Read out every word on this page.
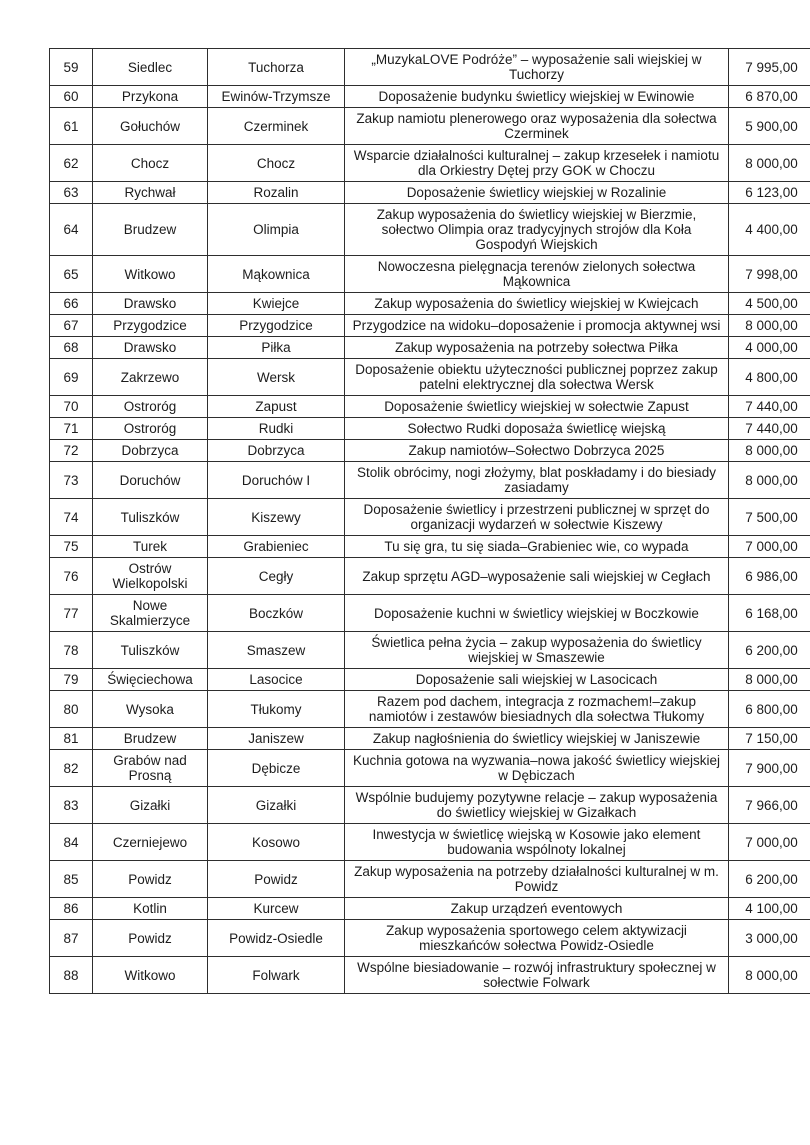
59	Siedlec	Tuchorza	„MuzykaLOVE Podróże” – wyposażenie sali wiejskiej w Tuchorzy	7 995,00
60	Przykona	Ewinów-Trzymsze	Doposażenie budynku świetlicy wiejskiej w Ewinowie	6 870,00
61	Gołuchów	Czerminek	Zakup namiotu plenerowego oraz wyposażenia dla sołectwa Czerminek	5 900,00
62	Chocz	Chocz	Wsparcie działalności kulturalnej – zakup krzesełek i namiotu dla Orkiestry Dętej przy GOK w Choczu	8 000,00
63	Rychwał	Rozalin	Doposażenie świetlicy wiejskiej w Rozalinie	6 123,00
64	Brudzew	Olimpia	Zakup wyposażenia do świetlicy wiejskiej w Bierzmie, sołectwo Olimpia oraz tradycyjnych strojów dla Koła Gospodyń Wiejskich	4 400,00
65	Witkowo	Mąkownica	Nowoczesna pielęgnacja terenów zielonych sołectwa Mąkownica	7 998,00
66	Drawsko	Kwiejce	Zakup wyposażenia do świetlicy wiejskiej w Kwiejcach	4 500,00
67	Przygodzice	Przygodzice	Przygodzice na widoku–doposażenie i promocja aktywnej wsi	8 000,00
68	Drawsko	Piłka	Zakup wyposażenia na potrzeby sołectwa Piłka	4 000,00
69	Zakrzewo	Wersk	Doposażenie obiektu użyteczności publicznej poprzez zakup patelni elektrycznej dla sołectwa Wersk	4 800,00
70	Ostroróg	Zapust	Doposażenie świetlicy wiejskiej w sołectwie Zapust	7 440,00
71	Ostroróg	Rudki	Sołectwo Rudki doposaża świetlicę wiejską	7 440,00
72	Dobrzyca	Dobrzyca	Zakup namiotów–Sołectwo Dobrzyca 2025	8 000,00
73	Doruchów	Doruchów I	Stolik obrócimy, nogi złożymy, blat poskładamy i do biesiady zasiadamy	8 000,00
74	Tuliszków	Kiszewy	Doposażenie świetlicy i przestrzeni publicznej w sprzęt do organizacji wydarzeń w sołectwie Kiszewy	7 500,00
75	Turek	Grabieniec	Tu się gra, tu się siada–Grabieniec wie, co wypada	7 000,00
76	Ostrów Wielkopolski	Cegły	Zakup sprzętu AGD–wyposażenie sali wiejskiej w Cegłach	6 986,00
77	Nowe Skalmierzyce	Boczków	Doposażenie kuchni w świetlicy wiejskiej w Boczkowie	6 168,00
78	Tuliszków	Smaszew	Świetlica pełna życia – zakup wyposażenia do świetlicy wiejskiej w Smaszewie	6 200,00
79	Święciechowa	Lasocice	Doposażenie sali wiejskiej w Lasocicach	8 000,00
80	Wysoka	Tłukomy	Razem pod dachem, integracja z rozmachem!–zakup namiotów i zestawów biesiadnych dla sołectwa Tłukomy	6 800,00
81	Brudzew	Janiszew	Zakup nagłośnienia do świetlicy wiejskiej w Janiszewie	7 150,00
82	Grabów nad Prosną	Dębicze	Kuchnia gotowa na wyzwania–nowa jakość świetlicy wiejskiej w Dębiczach	7 900,00
83	Gizałki	Gizałki	Wspólnie budujemy pozytywne relacje – zakup wyposażenia do świetlicy wiejskiej w Gizałkach	7 966,00
84	Czerniejewo	Kosowo	Inwestycja w świetlicę wiejską w Kosowie jako element budowania wspólnoty lokalnej	7 000,00
85	Powidz	Powidz	Zakup wyposażenia na potrzeby działalności kulturalnej w m. Powidz	6 200,00
86	Kotlin	Kurcew	Zakup urządzeń eventowych	4 100,00
87	Powidz	Powidz-Osiedle	Zakup wyposażenia sportowego celem aktywizacji mieszkańców sołectwa Powidz-Osiedle	3 000,00
88	Witkowo	Folwark	Wspólne biesiadowanie – rozwój infrastruktury społecznej w sołectwie Folwark	8 000,00
